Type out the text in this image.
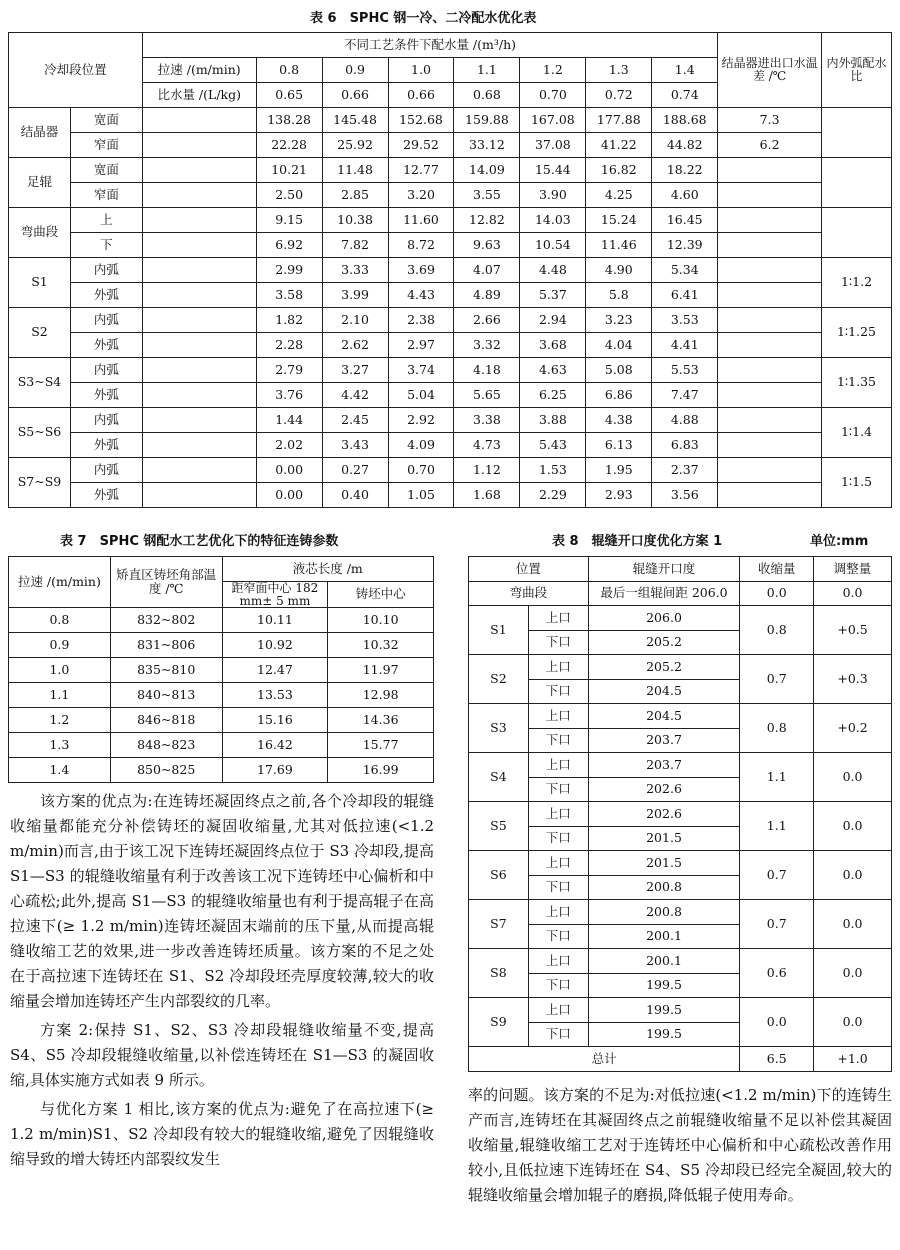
表 6　SPHC 钢一冷、二冷配水优化表
冷却段位置		不同工艺条件下配水量 /(m³/h)								结晶器进出口水温差 /℃	内外弧配水比
		拉速 /(m/min)	0.8	0.9	1.0	1.1	1.2	1.3	1.4		
		比水量 /(L/kg)	0.65	0.66	0.66	0.68	0.70	0.72	0.74		
结晶器	宽面		138.28	145.48	152.68	159.88	167.08	177.88	188.68	7.3	
	窄面		22.28	25.92	29.52	33.12	37.08	41.22	44.82	6.2	
足辊	宽面		10.21	11.48	12.77	14.09	15.44	16.82	18.22		
	窄面		2.50	2.85	3.20	3.55	3.90	4.25	4.60		
弯曲段	上		9.15	10.38	11.60	12.82	14.03	15.24	16.45		
	下		6.92	7.82	8.72	9.63	10.54	11.46	12.39		
S1	内弧		2.99	3.33	3.69	4.07	4.48	4.90	5.34		1∶1.2
	外弧		3.58	3.99	4.43	4.89	5.37	5.8	6.41		
S2	内弧		1.82	2.10	2.38	2.66	2.94	3.23	3.53		1∶1.25
	外弧		2.28	2.62	2.97	3.32	3.68	4.04	4.41		
S3~S4	内弧		2.79	3.27	3.74	4.18	4.63	5.08	5.53		1∶1.35
	外弧		3.76	4.42	5.04	5.65	6.25	6.86	7.47		
S5~S6	内弧		1.44	2.45	2.92	3.38	3.88	4.38	4.88		1∶1.4
	外弧		2.02	3.43	4.09	4.73	5.43	6.13	6.83		
S7~S9	内弧		0.00	0.27	0.70	1.12	1.53	1.95	2.37		1∶1.5
	外弧		0.00	0.40	1.05	1.68	2.29	2.93	3.56		
表 7　SPHC 钢配水工艺优化下的特征连铸参数
拉速 /(m/min)	矫直区铸坯角部温度 /℃	液芯长度 /m	
		距窄面中心 182 mm± 5 mm	铸坯中心
0.8	832~802	10.11	10.10
0.9	831~806	10.92	10.32
1.0	835~810	12.47	11.97
1.1	840~813	13.53	12.98
1.2	846~818	15.16	14.36
1.3	848~823	16.42	15.77
1.4	850~825	17.69	16.99
表 8　辊缝开口度优化方案 1	单位:mm
位置		辊缝开口度	收缩量	调整量
弯曲段		最后一组辊间距 206.0	0.0	0.0
S1	上口	206.0	0.8	+0.5
	下口	205.2		
S2	上口	205.2	0.7	+0.3
	下口	204.5		
S3	上口	204.5	0.8	+0.2
	下口	203.7		
S4	上口	203.7	1.1	0.0
	下口	202.6		
S5	上口	202.6	1.1	0.0
	下口	201.5		
S6	上口	201.5	0.7	0.0
	下口	200.8		
S7	上口	200.8	0.7	0.0
	下口	200.1		
S8	上口	200.1	0.6	0.0
	下口	199.5		
S9	上口	199.5	0.0	0.0
	下口	199.5		
总计			6.5	+1.0

该方案的优点为:在连铸坯凝固终点之前,各个冷却段的辊缝收缩量都能充分补偿铸坯的凝固收缩量,尤其对低拉速(<1.2 m/min)而言,由于该工况下连铸坯凝固终点位于 S3 冷却段,提高 S1—S3 的辊缝收缩量有利于改善该工况下连铸坯中心偏析和中心疏松;此外,提高 S1—S3 的辊缝收缩量也有利于提高辊子在高拉速下(≥ 1.2 m/min)连铸坯凝固末端前的压下量,从而提高辊缝收缩工艺的效果,进一步改善连铸坯质量。该方案的不足之处在于高拉速下连铸坯在 S1、S2 冷却段坯壳厚度较薄,较大的收缩量会增加连铸坯产生内部裂纹的几率。

方案 2:保持 S1、S2、S3 冷却段辊缝收缩量不变,提高 S4、S5 冷却段辊缝收缩量,以补偿连铸坯在 S1—S3 的凝固收缩,具体实施方式如表 9 所示。

与优化方案 1 相比,该方案的优点为:避免了在高拉速下(≥ 1.2 m/min)S1、S2 冷却段有较大的辊缝收缩,避免了因辊缝收缩导致的增大铸坯内部裂纹发生

率的问题。该方案的不足为:对低拉速(<1.2 m/min)下的连铸生产而言,连铸坯在其凝固终点之前辊缝收缩量不足以补偿其凝固收缩量,辊缝收缩工艺对于连铸坯中心偏析和中心疏松改善作用较小,且低拉速下连铸坯在 S4、S5 冷却段已经完全凝固,较大的辊缝收缩量会增加辊子的磨损,降低辊子使用寿命。
